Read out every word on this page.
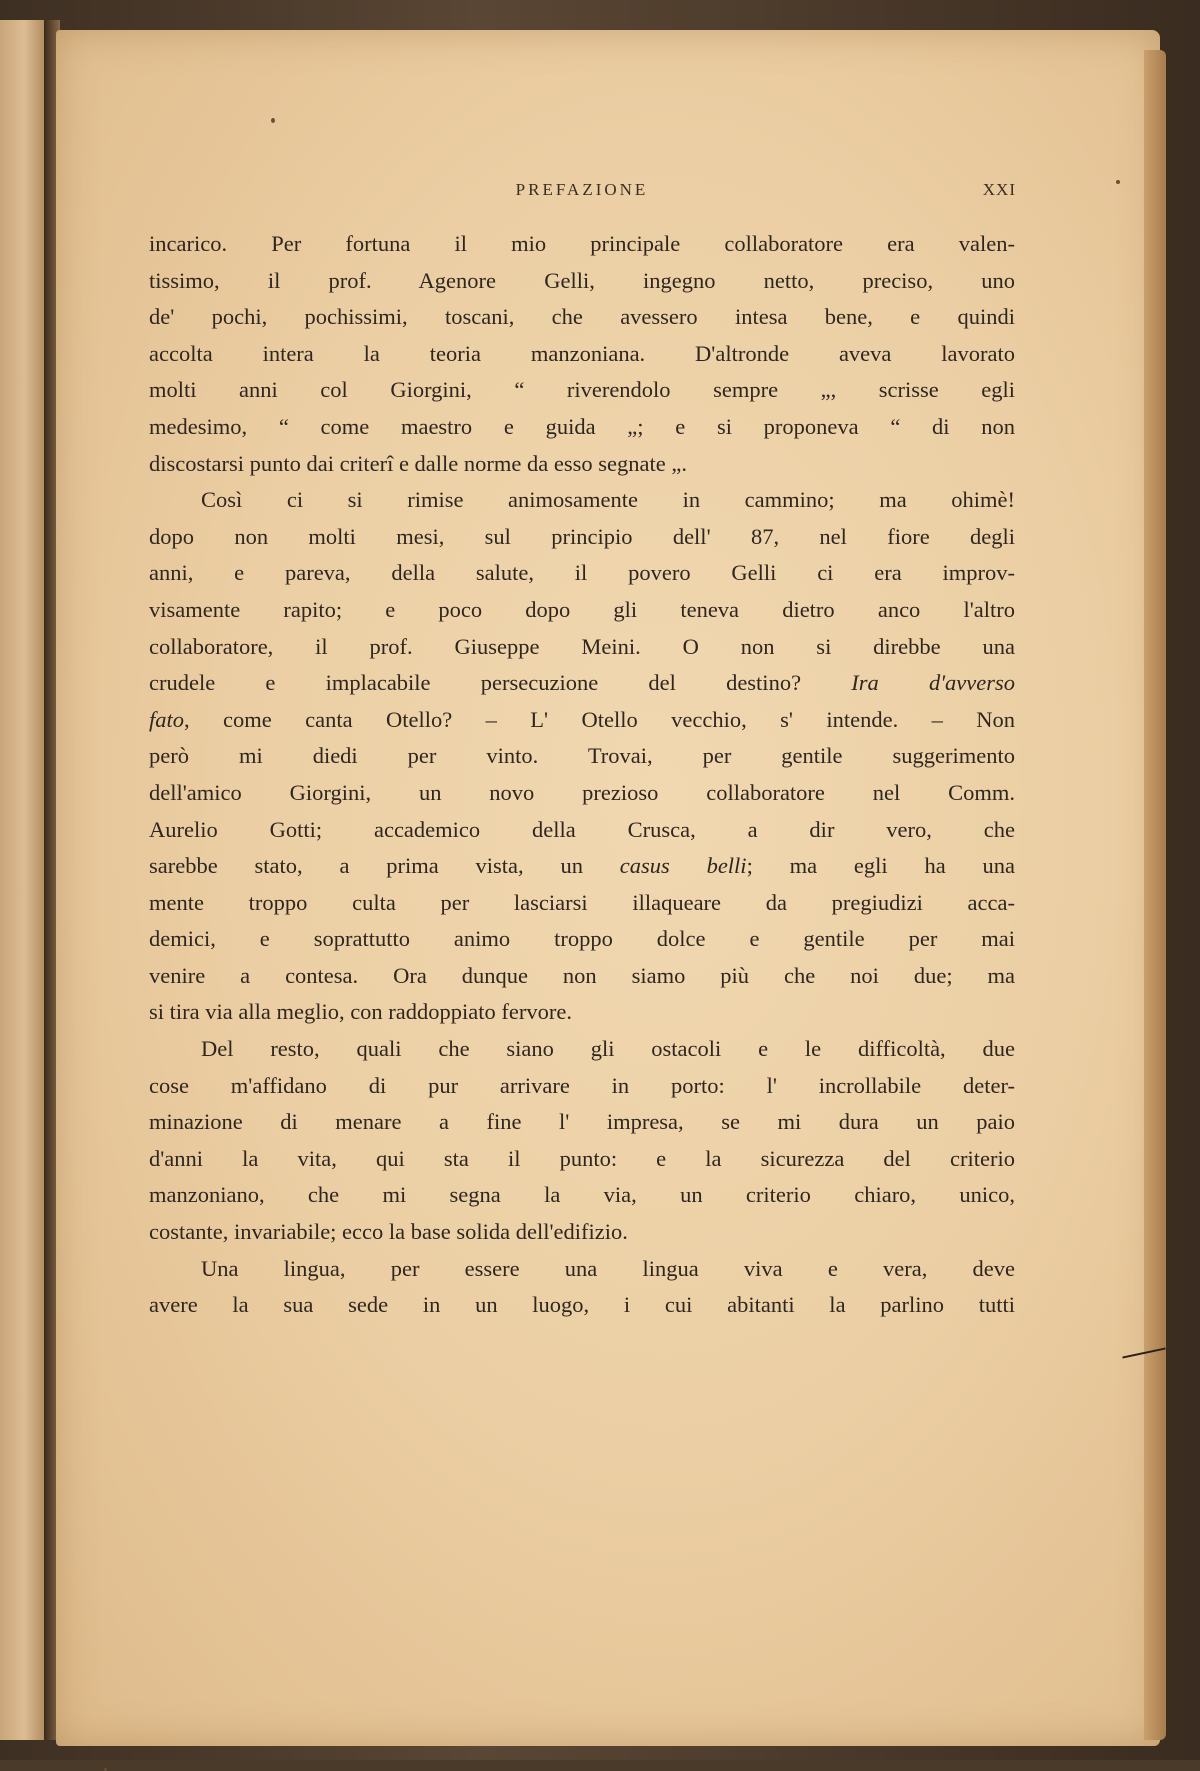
PREFAZIONE	XXI
incarico. Per fortuna il mio principale collaboratore era valen-
tissimo, il prof. Agenore Gelli, ingegno netto, preciso, uno
de' pochi, pochissimi, toscani, che avessero intesa bene, e quindi
accolta intera la teoria manzoniana. D'altronde aveva lavorato
molti anni col Giorgini, “ riverendolo sempre „, scrisse egli
medesimo, “ come maestro e guida „; e si proponeva “ di non
discostarsi punto dai criterî e dalle norme da esso segnate „.
Così ci si rimise animosamente in cammino; ma ohimè!
dopo non molti mesi, sul principio dell' 87, nel fiore degli
anni, e pareva, della salute, il povero Gelli ci era improv-
visamente rapito; e poco dopo gli teneva dietro anco l'altro
collaboratore, il prof. Giuseppe Meini. O non si direbbe una
crudele e implacabile persecuzione del destino? Ira d'avverso
fato, come canta Otello? – L' Otello vecchio, s' intende. – Non
però mi diedi per vinto. Trovai, per gentile suggerimento
dell'amico Giorgini, un novo prezioso collaboratore nel Comm.
Aurelio Gotti; accademico della Crusca, a dir vero, che
sarebbe stato, a prima vista, un casus belli; ma egli ha una
mente troppo culta per lasciarsi illaqueare da pregiudizi acca-
demici, e soprattutto animo troppo dolce e gentile per mai
venire a contesa. Ora dunque non siamo più che noi due; ma
si tira via alla meglio, con raddoppiato fervore.
Del resto, quali che siano gli ostacoli e le difficoltà, due
cose m'affidano di pur arrivare in porto: l' incrollabile deter-
minazione di menare a fine l' impresa, se mi dura un paio
d'anni la vita, qui sta il punto: e la sicurezza del criterio
manzoniano, che mi segna la via, un criterio chiaro, unico,
costante, invariabile; ecco la base solida dell'edifizio.
Una lingua, per essere una lingua viva e vera, deve
avere la sua sede in un luogo, i cui abitanti la parlino tutti
